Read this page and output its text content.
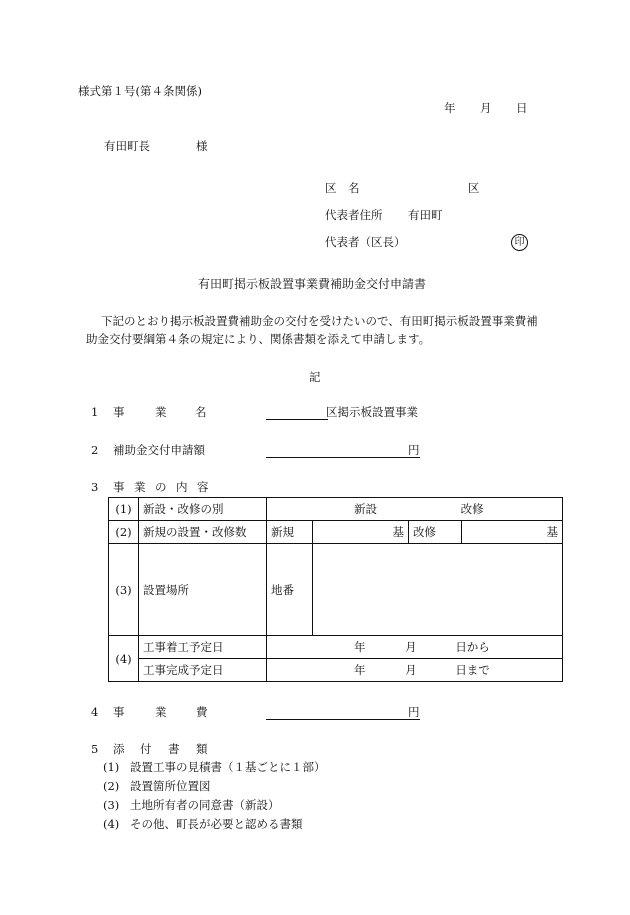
様式第１号(第４条関係)
年 月 日
有田町長	様
区　名	区
代表者住所 有田町
代表者（区長）	印
有田町掲示板設置事業費補助金交付申請書
下記のとおり掲示板設置費補助金の交付を受けたいので、有田町掲示板設置事業費補
助金交付要綱第４条の規定により、関係書類を添えて申請します。
記
1 事	業 名	区掲示板設置事業
2 補助金交付申請額	円
3 事 業 の 内 容
(1)	新設・改修の別	新設 改修			
(2)	新規の設置・改修数	新規	基	改修	基
(3)	設置場所	地番			
(4)	工事着工予定日	年 月 日から			
	工事完成予定日	年 月 日まで			
4 事	業	費	円
5 添 付 書 類
(1) 設置工事の見積書（１基ごとに１部）
(2) 設置箇所位置図
(3) 土地所有者の同意書（新設）
(4) その他、町長が必要と認める書類
